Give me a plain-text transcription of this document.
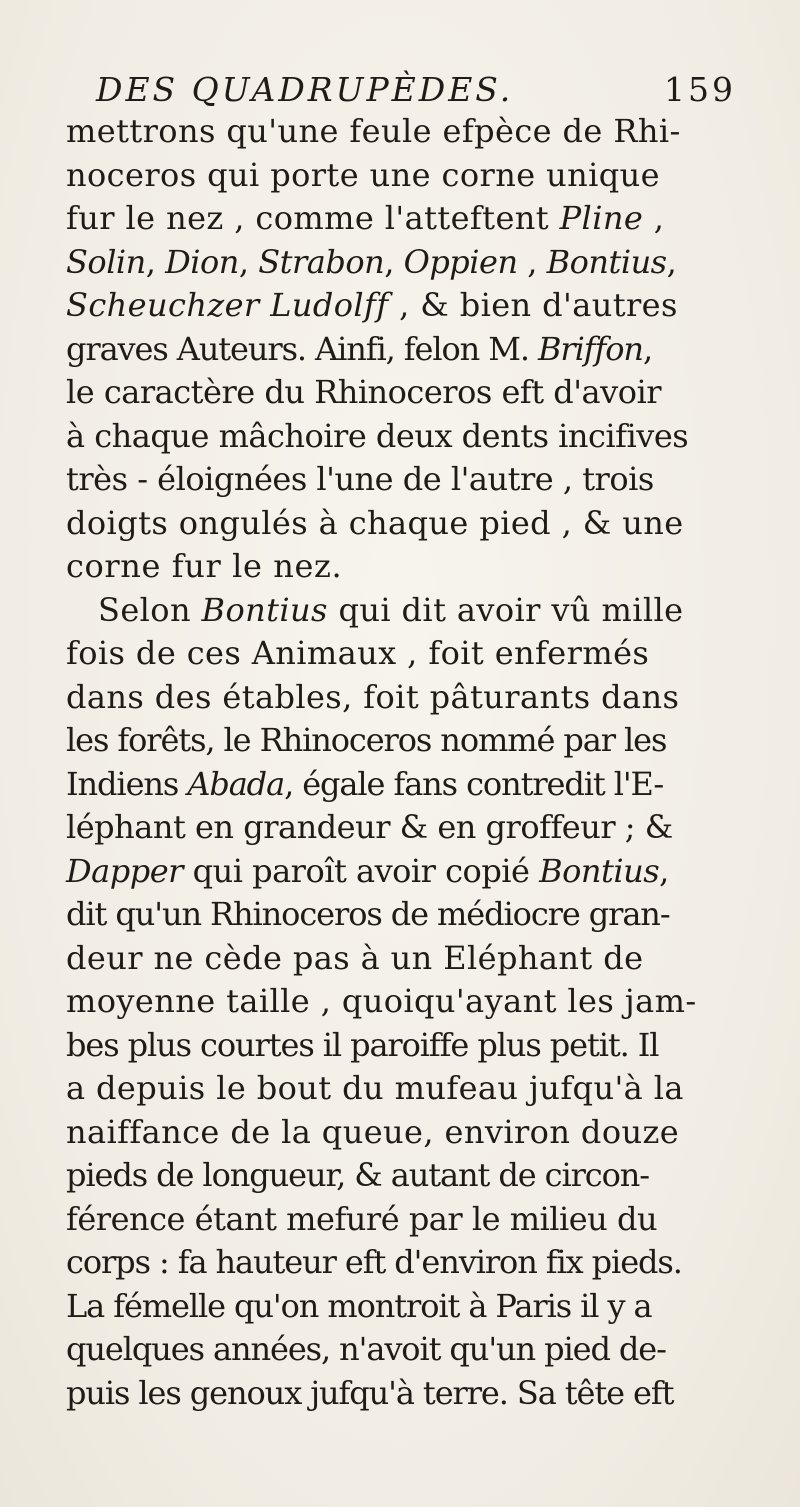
DES QUADRUPÈDES.	159
mettrons qu'une feule efpèce de Rhi-
noceros qui porte une corne unique
fur le nez , comme l'atteftent Pline ,
Solin, Dion, Strabon, Oppien , Bontius,
Scheuchzer Ludolff , & bien d'autres
graves Auteurs. Ainfi, felon M. Briffon,
le caractère du Rhinoceros eft d'avoir
à chaque mâchoire deux dents incifives
très - éloignées l'une de l'autre , trois
doigts ongulés à chaque pied , & une
corne fur le nez.
Selon Bontius qui dit avoir vû mille
fois de ces Animaux , foit enfermés
dans des étables, foit pâturants dans
les forêts, le Rhinoceros nommé par les
Indiens Abada, égale fans contredit l'E-
léphant en grandeur & en groffeur ; &
Dapper qui paroît avoir copié Bontius,
dit qu'un Rhinoceros de médiocre gran-
deur ne cède pas à un Eléphant de
moyenne taille , quoiqu'ayant les jam-
bes plus courtes il paroiffe plus petit. Il
a depuis le bout du mufeau jufqu'à la
naiffance de la queue, environ douze
pieds de longueur, & autant de circon-
férence étant mefuré par le milieu du
corps : fa hauteur eft d'environ fix pieds.
La fémelle qu'on montroit à Paris il y a
quelques années, n'avoit qu'un pied de-
puis les genoux jufqu'à terre. Sa tête eft
